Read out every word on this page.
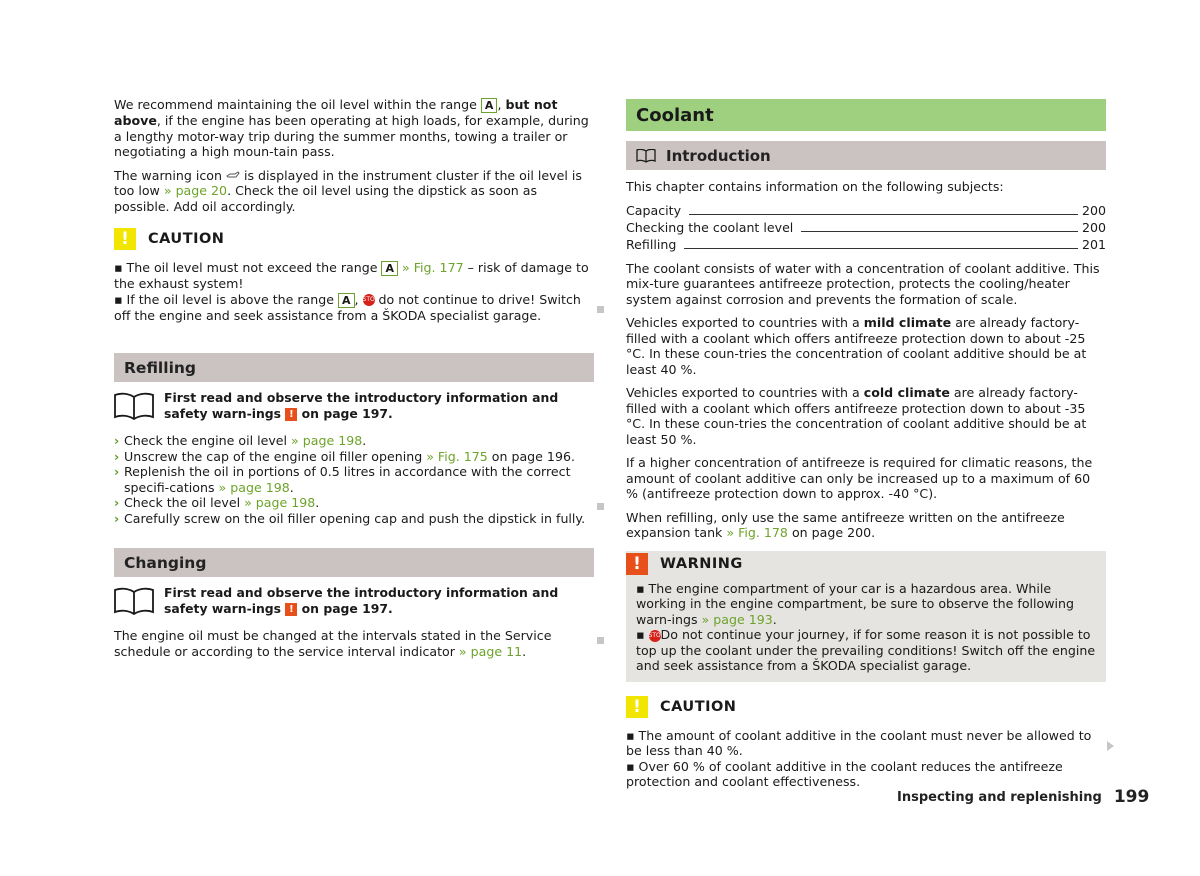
We recommend maintaining the oil level within the range A , but not above, if the engine has been operating at high loads, for example, during a lengthy motor-way trip during the summer months, towing a trailer or negotiating a high moun-tain pass.

The warning icon  is displayed in the instrument cluster if the oil level is too low » page 20. Check the oil level using the dipstick as soon as possible. Add oil accordingly.

!	CAUTION

▪ The oil level must not exceed the range A » Fig. 177 – risk of damage to the exhaust system!

▪ If the oil level is above the range A , STOP do not continue to drive! Switch off the engine and seek assistance from a ŠKODA specialist garage.

Refilling
First read and observe the introductory information and safety warn-ings ! on page 197.
› Check the engine oil level » page 198.
› Unscrew the cap of the engine oil filler opening » Fig. 175 on page 196.
› Replenish the oil in portions of 0.5 litres in accordance with the correct specifi-cations » page 198.
› Check the oil level » page 198.
› Carefully screw on the oil filler opening cap and push the dipstick in fully.
Changing
First read and observe the introductory information and safety warn-ings ! on page 197.

The engine oil must be changed at the intervals stated in the Service schedule or according to the service interval indicator » page 11.

Coolant
Introduction

This chapter contains information on the following subjects:

Capacity	200
Checking the coolant level	200
Refilling	201

The coolant consists of water with a concentration of coolant additive. This mix-ture guarantees antifreeze protection, protects the cooling/heater system against corrosion and prevents the formation of scale.

Vehicles exported to countries with a mild climate are already factory-filled with a coolant which offers antifreeze protection down to about -25 °C. In these coun-tries the concentration of coolant additive should be at least 40 %.

Vehicles exported to countries with a cold climate are already factory-filled with a coolant which offers antifreeze protection down to about -35 °C. In these coun-tries the concentration of coolant additive should be at least 50 %.

If a higher concentration of antifreeze is required for climatic reasons, the amount of coolant additive can only be increased up to a maximum of 60 % (antifreeze protection down to approx. -40 °C).

When refilling, only use the same antifreeze written on the antifreeze expansion tank » Fig. 178 on page 200.

!	WARNING

▪ The engine compartment of your car is a hazardous area. While working in the engine compartment, be sure to observe the following warn-ings » page 193.

▪ STOPDo not continue your journey, if for some reason it is not possible to top up the coolant under the prevailing conditions! Switch off the engine and seek assistance from a ŠKODA specialist garage.

!	CAUTION

▪ The amount of coolant additive in the coolant must never be allowed to be less than 40 %.

▪ Over 60 % of coolant additive in the coolant reduces the antifreeze protection and coolant effectiveness.

Inspecting and replenishing 199
